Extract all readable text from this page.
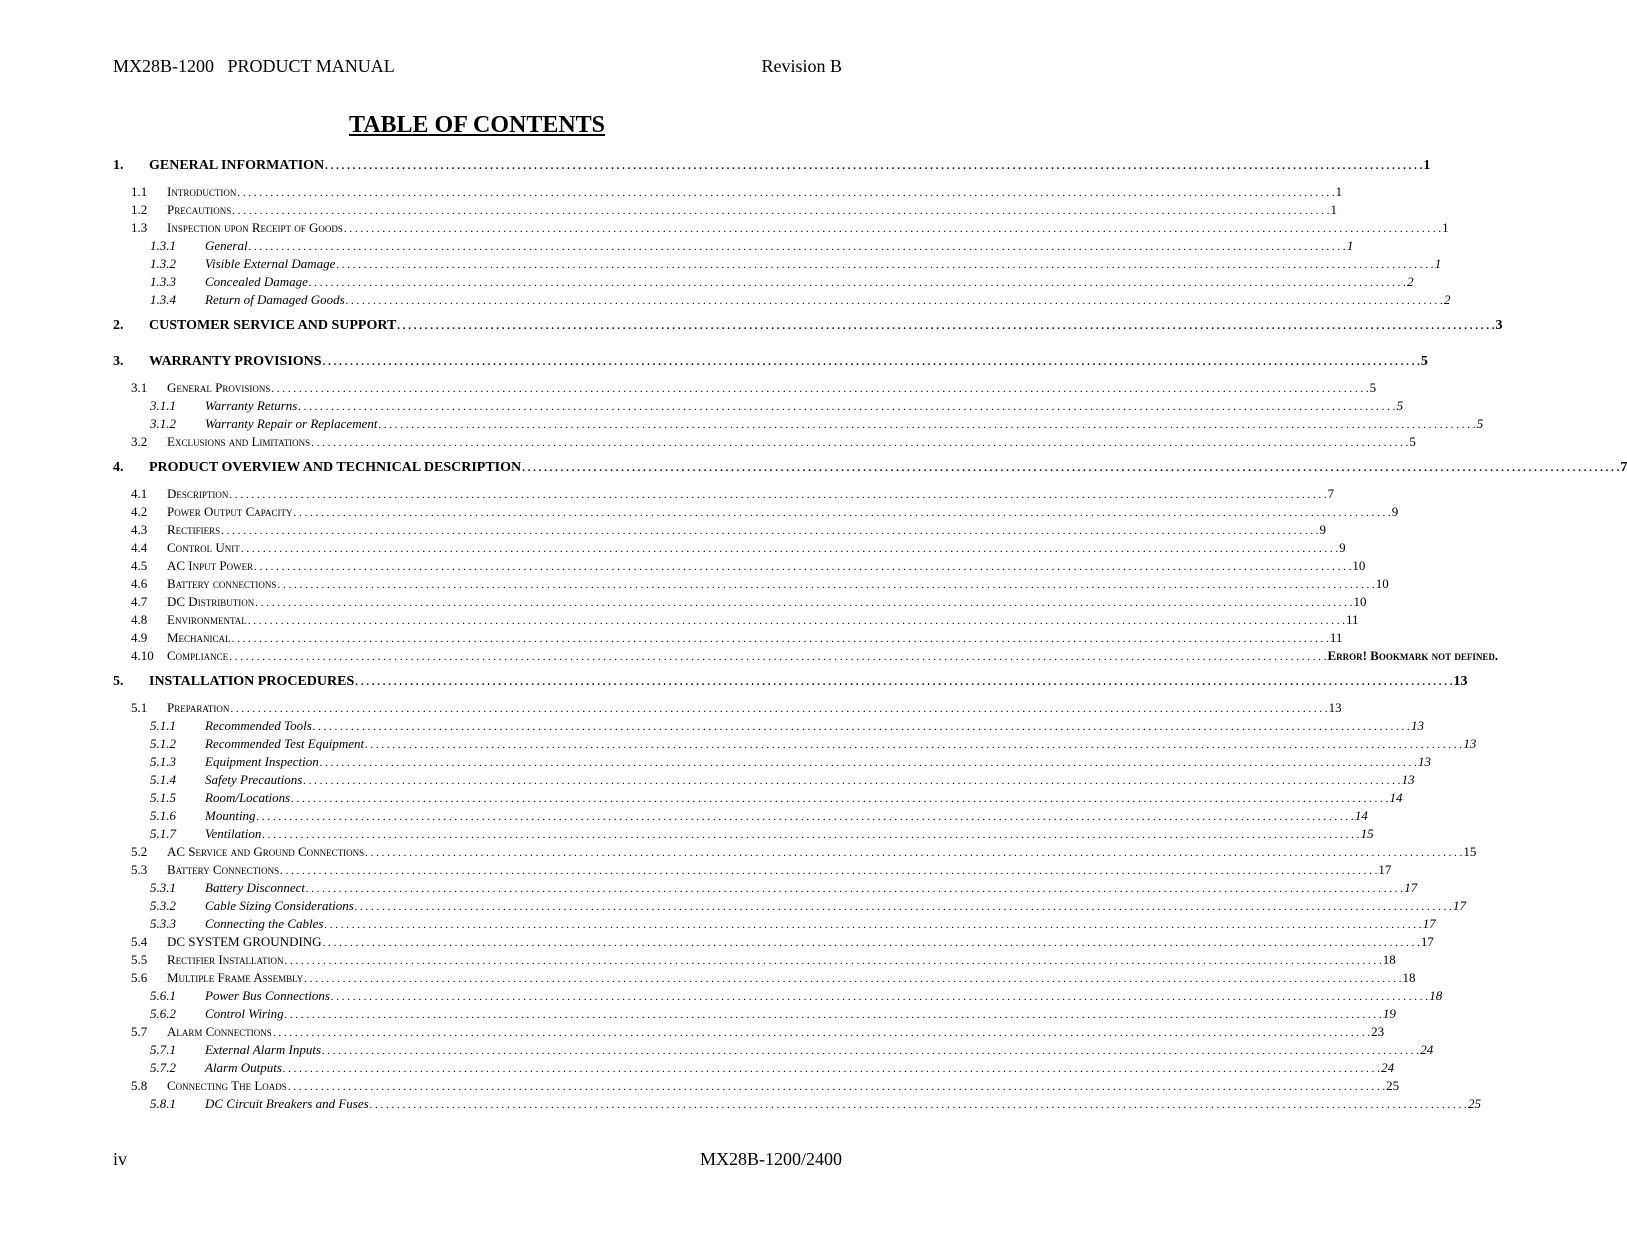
MX28B-1200   PRODUCT MANUAL	Revision B
TABLE OF CONTENTS
1.	GENERAL INFORMATION . . . . . . . . . . . . . . . . . . . . . . . . . . . . . . . . . . . . . . . . . . . . . . . . . . . . . . . . . . . . . . . . . . . . . . . . . . . . . . . . . . . . . . . . . . . . . . . . . . . . . . . . . . . . . . . . . . . . . . . . . . . . . . . . . . . . . . . . . . . . . . . . . . . . . . . . . . . . . . . . . . . . . . . . . . . . . . . . . . . . . . . . . . . . . . . . . . . . . . . . 1
1.1	Introduction . . . . . . . . . . . . . . . . . . . . . . . . . . . . . . . . . . . . . . . . . . . . . . . . . . . . . . . . . . . . . . . . . . . . . . . . . . . . . . . . . . . . . . . . . . . . . . . . . . . . . . . . . . . . . . . . . . . . . . . . . . . . . . . . . . . . . . . . . . . . . . . . . . . . . . . . . . . . . . . . . . . . . . . . . . . . . . . . . . . . . . . . . . . . . . . . . . . . . . . . 1
1.2	Precautions . . . . . . . . . . . . . . . . . . . . . . . . . . . . . . . . . . . . . . . . . . . . . . . . . . . . . . . . . . . . . . . . . . . . . . . . . . . . . . . . . . . . . . . . . . . . . . . . . . . . . . . . . . . . . . . . . . . . . . . . . . . . . . . . . . . . . . . . . . . . . . . . . . . . . . . . . . . . . . . . . . . . . . . . . . . . . . . . . . . . . . . . . . . . . . . . . . . . . . . . 1
1.3	Inspection upon Receipt of Goods . . . . . . . . . . . . . . . . . . . . . . . . . . . . . . . . . . . . . . . . . . . . . . . . . . . . . . . . . . . . . . . . . . . . . . . . . . . . . . . . . . . . . . . . . . . . . . . . . . . . . . . . . . . . . . . . . . . . . . . . . . . . . . . . . . . . . . . . . . . . . . . . . . . . . . . . . . . . . . . . . . . . . . . . . . . . . . . . . . . . . . . . . . . . . . . . . . . . . . . . 1
1.3.1	General . . . . . . . . . . . . . . . . . . . . . . . . . . . . . . . . . . . . . . . . . . . . . . . . . . . . . . . . . . . . . . . . . . . . . . . . . . . . . . . . . . . . . . . . . . . . . . . . . . . . . . . . . . . . . . . . . . . . . . . . . . . . . . . . . . . . . . . . . . . . . . . . . . . . . . . . . . . . . . . . . . . . . . . . . . . . . . . . . . . . . . . . . . . . . . . . . . . . . . . . 1
1.3.2	Visible External Damage . . . . . . . . . . . . . . . . . . . . . . . . . . . . . . . . . . . . . . . . . . . . . . . . . . . . . . . . . . . . . . . . . . . . . . . . . . . . . . . . . . . . . . . . . . . . . . . . . . . . . . . . . . . . . . . . . . . . . . . . . . . . . . . . . . . . . . . . . . . . . . . . . . . . . . . . . . . . . . . . . . . . . . . . . . . . . . . . . . . . . . . . . . . . . . . . . . . . . . . . 1
1.3.3	Concealed Damage . . . . . . . . . . . . . . . . . . . . . . . . . . . . . . . . . . . . . . . . . . . . . . . . . . . . . . . . . . . . . . . . . . . . . . . . . . . . . . . . . . . . . . . . . . . . . . . . . . . . . . . . . . . . . . . . . . . . . . . . . . . . . . . . . . . . . . . . . . . . . . . . . . . . . . . . . . . . . . . . . . . . . . . . . . . . . . . . . . . . . . . . . . . . . . . . . . . . . . . . 2
1.3.4	Return of Damaged Goods . . . . . . . . . . . . . . . . . . . . . . . . . . . . . . . . . . . . . . . . . . . . . . . . . . . . . . . . . . . . . . . . . . . . . . . . . . . . . . . . . . . . . . . . . . . . . . . . . . . . . . . . . . . . . . . . . . . . . . . . . . . . . . . . . . . . . . . . . . . . . . . . . . . . . . . . . . . . . . . . . . . . . . . . . . . . . . . . . . . . . . . . . . . . . . . . . . . . . . . . 2
2.	CUSTOMER SERVICE AND SUPPORT . . . . . . . . . . . . . . . . . . . . . . . . . . . . . . . . . . . . . . . . . . . . . . . . . . . . . . . . . . . . . . . . . . . . . . . . . . . . . . . . . . . . . . . . . . . . . . . . . . . . . . . . . . . . . . . . . . . . . . . . . . . . . . . . . . . . . . . . . . . . . . . . . . . . . . . . . . . . . . . . . . . . . . . . . . . . . . . . . . . . . . . . . . . . . . . . . . . . . . . . 3
3.	WARRANTY PROVISIONS . . . . . . . . . . . . . . . . . . . . . . . . . . . . . . . . . . . . . . . . . . . . . . . . . . . . . . . . . . . . . . . . . . . . . . . . . . . . . . . . . . . . . . . . . . . . . . . . . . . . . . . . . . . . . . . . . . . . . . . . . . . . . . . . . . . . . . . . . . . . . . . . . . . . . . . . . . . . . . . . . . . . . . . . . . . . . . . . . . . . . . . . . . . . . . . . . . . . . . . . 5
3.1	General Provisions . . . . . . . . . . . . . . . . . . . . . . . . . . . . . . . . . . . . . . . . . . . . . . . . . . . . . . . . . . . . . . . . . . . . . . . . . . . . . . . . . . . . . . . . . . . . . . . . . . . . . . . . . . . . . . . . . . . . . . . . . . . . . . . . . . . . . . . . . . . . . . . . . . . . . . . . . . . . . . . . . . . . . . . . . . . . . . . . . . . . . . . . . . . . . . . . . . . . . . . . 5
3.1.1	Warranty Returns . . . . . . . . . . . . . . . . . . . . . . . . . . . . . . . . . . . . . . . . . . . . . . . . . . . . . . . . . . . . . . . . . . . . . . . . . . . . . . . . . . . . . . . . . . . . . . . . . . . . . . . . . . . . . . . . . . . . . . . . . . . . . . . . . . . . . . . . . . . . . . . . . . . . . . . . . . . . . . . . . . . . . . . . . . . . . . . . . . . . . . . . . . . . . . . . . . . . . . . . 5
3.1.2	Warranty Repair or Replacement . . . . . . . . . . . . . . . . . . . . . . . . . . . . . . . . . . . . . . . . . . . . . . . . . . . . . . . . . . . . . . . . . . . . . . . . . . . . . . . . . . . . . . . . . . . . . . . . . . . . . . . . . . . . . . . . . . . . . . . . . . . . . . . . . . . . . . . . . . . . . . . . . . . . . . . . . . . . . . . . . . . . . . . . . . . . . . . . . . . . . . . . . . . . . . . . . . . . . . . . 5
3.2	Exclusions and Limitations . . . . . . . . . . . . . . . . . . . . . . . . . . . . . . . . . . . . . . . . . . . . . . . . . . . . . . . . . . . . . . . . . . . . . . . . . . . . . . . . . . . . . . . . . . . . . . . . . . . . . . . . . . . . . . . . . . . . . . . . . . . . . . . . . . . . . . . . . . . . . . . . . . . . . . . . . . . . . . . . . . . . . . . . . . . . . . . . . . . . . . . . . . . . . . . . . . . . . . . . 5
4.	PRODUCT OVERVIEW AND TECHNICAL DESCRIPTION . . . . . . . . . . . . . . . . . . . . . . . . . . . . . . . . . . . . . . . . . . . . . . . . . . . . . . . . . . . . . . . . . . . . . . . . . . . . . . . . . . . . . . . . . . . . . . . . . . . . . . . . . . . . . . . . . . . . . . . . . . . . . . . . . . . . . . . . . . . . . . . . . . . . . . . . . . . . . . . . . . . . . . . . . . . . . . . . . . . . . . . . . . . . . . . . . . . . . . . . 7
4.1	Description . . . . . . . . . . . . . . . . . . . . . . . . . . . . . . . . . . . . . . . . . . . . . . . . . . . . . . . . . . . . . . . . . . . . . . . . . . . . . . . . . . . . . . . . . . . . . . . . . . . . . . . . . . . . . . . . . . . . . . . . . . . . . . . . . . . . . . . . . . . . . . . . . . . . . . . . . . . . . . . . . . . . . . . . . . . . . . . . . . . . . . . . . . . . . . . . . . . . . . . . 7
4.2	Power Output Capacity . . . . . . . . . . . . . . . . . . . . . . . . . . . . . . . . . . . . . . . . . . . . . . . . . . . . . . . . . . . . . . . . . . . . . . . . . . . . . . . . . . . . . . . . . . . . . . . . . . . . . . . . . . . . . . . . . . . . . . . . . . . . . . . . . . . . . . . . . . . . . . . . . . . . . . . . . . . . . . . . . . . . . . . . . . . . . . . . . . . . . . . . . . . . . . . . . . . . . . . . 9
4.3	Rectifiers . . . . . . . . . . . . . . . . . . . . . . . . . . . . . . . . . . . . . . . . . . . . . . . . . . . . . . . . . . . . . . . . . . . . . . . . . . . . . . . . . . . . . . . . . . . . . . . . . . . . . . . . . . . . . . . . . . . . . . . . . . . . . . . . . . . . . . . . . . . . . . . . . . . . . . . . . . . . . . . . . . . . . . . . . . . . . . . . . . . . . . . . . . . . . . . . . . . . . . . . 9
4.4	Control Unit . . . . . . . . . . . . . . . . . . . . . . . . . . . . . . . . . . . . . . . . . . . . . . . . . . . . . . . . . . . . . . . . . . . . . . . . . . . . . . . . . . . . . . . . . . . . . . . . . . . . . . . . . . . . . . . . . . . . . . . . . . . . . . . . . . . . . . . . . . . . . . . . . . . . . . . . . . . . . . . . . . . . . . . . . . . . . . . . . . . . . . . . . . . . . . . . . . . . . . . . 9
4.5	AC Input Power . . . . . . . . . . . . . . . . . . . . . . . . . . . . . . . . . . . . . . . . . . . . . . . . . . . . . . . . . . . . . . . . . . . . . . . . . . . . . . . . . . . . . . . . . . . . . . . . . . . . . . . . . . . . . . . . . . . . . . . . . . . . . . . . . . . . . . . . . . . . . . . . . . . . . . . . . . . . . . . . . . . . . . . . . . . . . . . . . . . . . . . . . . . . . . . . . . . . . . . . 10
4.6	Battery connections . . . . . . . . . . . . . . . . . . . . . . . . . . . . . . . . . . . . . . . . . . . . . . . . . . . . . . . . . . . . . . . . . . . . . . . . . . . . . . . . . . . . . . . . . . . . . . . . . . . . . . . . . . . . . . . . . . . . . . . . . . . . . . . . . . . . . . . . . . . . . . . . . . . . . . . . . . . . . . . . . . . . . . . . . . . . . . . . . . . . . . . . . . . . . . . . . . . . . . . . 10
4.7	DC Distribution . . . . . . . . . . . . . . . . . . . . . . . . . . . . . . . . . . . . . . . . . . . . . . . . . . . . . . . . . . . . . . . . . . . . . . . . . . . . . . . . . . . . . . . . . . . . . . . . . . . . . . . . . . . . . . . . . . . . . . . . . . . . . . . . . . . . . . . . . . . . . . . . . . . . . . . . . . . . . . . . . . . . . . . . . . . . . . . . . . . . . . . . . . . . . . . . . . . . . . . . 10
4.8	Environmental . . . . . . . . . . . . . . . . . . . . . . . . . . . . . . . . . . . . . . . . . . . . . . . . . . . . . . . . . . . . . . . . . . . . . . . . . . . . . . . . . . . . . . . . . . . . . . . . . . . . . . . . . . . . . . . . . . . . . . . . . . . . . . . . . . . . . . . . . . . . . . . . . . . . . . . . . . . . . . . . . . . . . . . . . . . . . . . . . . . . . . . . . . . . . . . . . . . . . . . . 11
4.9	Mechanical . . . . . . . . . . . . . . . . . . . . . . . . . . . . . . . . . . . . . . . . . . . . . . . . . . . . . . . . . . . . . . . . . . . . . . . . . . . . . . . . . . . . . . . . . . . . . . . . . . . . . . . . . . . . . . . . . . . . . . . . . . . . . . . . . . . . . . . . . . . . . . . . . . . . . . . . . . . . . . . . . . . . . . . . . . . . . . . . . . . . . . . . . . . . . . . . . . . . . . . . 11
4.10	Compliance . . . . . . . . . . . . . . . . . . . . . . . . . . . . . . . . . . . . . . . . . . . . . . . . . . . . . . . . . . . . . . . . . . . . . . . . . . . . . . . . . . . . . . . . . . . . . . . . . . . . . . . . . . . . . . . . . . . . . . . . . . . . . . . . . . . . . . . . . . . . . . . . . . . . . . . . . . . . . . . . . . . . . . . . . . . . . . . . . . . . . . . . . . . . . . . . . . . . . . . . Error! Bookmark not defined.
5.	INSTALLATION PROCEDURES . . . . . . . . . . . . . . . . . . . . . . . . . . . . . . . . . . . . . . . . . . . . . . . . . . . . . . . . . . . . . . . . . . . . . . . . . . . . . . . . . . . . . . . . . . . . . . . . . . . . . . . . . . . . . . . . . . . . . . . . . . . . . . . . . . . . . . . . . . . . . . . . . . . . . . . . . . . . . . . . . . . . . . . . . . . . . . . . . . . . . . . . . . . . . . . . . . . . . . . . 13
5.1	Preparation . . . . . . . . . . . . . . . . . . . . . . . . . . . . . . . . . . . . . . . . . . . . . . . . . . . . . . . . . . . . . . . . . . . . . . . . . . . . . . . . . . . . . . . . . . . . . . . . . . . . . . . . . . . . . . . . . . . . . . . . . . . . . . . . . . . . . . . . . . . . . . . . . . . . . . . . . . . . . . . . . . . . . . . . . . . . . . . . . . . . . . . . . . . . . . . . . . . . . . . . 13
5.1.1	Recommended Tools . . . . . . . . . . . . . . . . . . . . . . . . . . . . . . . . . . . . . . . . . . . . . . . . . . . . . . . . . . . . . . . . . . . . . . . . . . . . . . . . . . . . . . . . . . . . . . . . . . . . . . . . . . . . . . . . . . . . . . . . . . . . . . . . . . . . . . . . . . . . . . . . . . . . . . . . . . . . . . . . . . . . . . . . . . . . . . . . . . . . . . . . . . . . . . . . . . . . . . . . 13
5.1.2	Recommended Test Equipment . . . . . . . . . . . . . . . . . . . . . . . . . . . . . . . . . . . . . . . . . . . . . . . . . . . . . . . . . . . . . . . . . . . . . . . . . . . . . . . . . . . . . . . . . . . . . . . . . . . . . . . . . . . . . . . . . . . . . . . . . . . . . . . . . . . . . . . . . . . . . . . . . . . . . . . . . . . . . . . . . . . . . . . . . . . . . . . . . . . . . . . . . . . . . . . . . . . . . . . . 13
5.1.3	Equipment Inspection . . . . . . . . . . . . . . . . . . . . . . . . . . . . . . . . . . . . . . . . . . . . . . . . . . . . . . . . . . . . . . . . . . . . . . . . . . . . . . . . . . . . . . . . . . . . . . . . . . . . . . . . . . . . . . . . . . . . . . . . . . . . . . . . . . . . . . . . . . . . . . . . . . . . . . . . . . . . . . . . . . . . . . . . . . . . . . . . . . . . . . . . . . . . . . . . . . . . . . . . 13
5.1.4	Safety Precautions . . . . . . . . . . . . . . . . . . . . . . . . . . . . . . . . . . . . . . . . . . . . . . . . . . . . . . . . . . . . . . . . . . . . . . . . . . . . . . . . . . . . . . . . . . . . . . . . . . . . . . . . . . . . . . . . . . . . . . . . . . . . . . . . . . . . . . . . . . . . . . . . . . . . . . . . . . . . . . . . . . . . . . . . . . . . . . . . . . . . . . . . . . . . . . . . . . . . . . . . 13
5.1.5	Room/Locations . . . . . . . . . . . . . . . . . . . . . . . . . . . . . . . . . . . . . . . . . . . . . . . . . . . . . . . . . . . . . . . . . . . . . . . . . . . . . . . . . . . . . . . . . . . . . . . . . . . . . . . . . . . . . . . . . . . . . . . . . . . . . . . . . . . . . . . . . . . . . . . . . . . . . . . . . . . . . . . . . . . . . . . . . . . . . . . . . . . . . . . . . . . . . . . . . . . . . . . . 14
5.1.6	Mounting . . . . . . . . . . . . . . . . . . . . . . . . . . . . . . . . . . . . . . . . . . . . . . . . . . . . . . . . . . . . . . . . . . . . . . . . . . . . . . . . . . . . . . . . . . . . . . . . . . . . . . . . . . . . . . . . . . . . . . . . . . . . . . . . . . . . . . . . . . . . . . . . . . . . . . . . . . . . . . . . . . . . . . . . . . . . . . . . . . . . . . . . . . . . . . . . . . . . . . . . 14
5.1.7	Ventilation . . . . . . . . . . . . . . . . . . . . . . . . . . . . . . . . . . . . . . . . . . . . . . . . . . . . . . . . . . . . . . . . . . . . . . . . . . . . . . . . . . . . . . . . . . . . . . . . . . . . . . . . . . . . . . . . . . . . . . . . . . . . . . . . . . . . . . . . . . . . . . . . . . . . . . . . . . . . . . . . . . . . . . . . . . . . . . . . . . . . . . . . . . . . . . . . . . . . . . . . 15
5.2	AC Service and Ground Connections . . . . . . . . . . . . . . . . . . . . . . . . . . . . . . . . . . . . . . . . . . . . . . . . . . . . . . . . . . . . . . . . . . . . . . . . . . . . . . . . . . . . . . . . . . . . . . . . . . . . . . . . . . . . . . . . . . . . . . . . . . . . . . . . . . . . . . . . . . . . . . . . . . . . . . . . . . . . . . . . . . . . . . . . . . . . . . . . . . . . . . . . . . . . . . . . . . . . . . . . 15
5.3	Battery Connections . . . . . . . . . . . . . . . . . . . . . . . . . . . . . . . . . . . . . . . . . . . . . . . . . . . . . . . . . . . . . . . . . . . . . . . . . . . . . . . . . . . . . . . . . . . . . . . . . . . . . . . . . . . . . . . . . . . . . . . . . . . . . . . . . . . . . . . . . . . . . . . . . . . . . . . . . . . . . . . . . . . . . . . . . . . . . . . . . . . . . . . . . . . . . . . . . . . . . . . . 17
5.3.1	Battery Disconnect . . . . . . . . . . . . . . . . . . . . . . . . . . . . . . . . . . . . . . . . . . . . . . . . . . . . . . . . . . . . . . . . . . . . . . . . . . . . . . . . . . . . . . . . . . . . . . . . . . . . . . . . . . . . . . . . . . . . . . . . . . . . . . . . . . . . . . . . . . . . . . . . . . . . . . . . . . . . . . . . . . . . . . . . . . . . . . . . . . . . . . . . . . . . . . . . . . . . . . . . 17
5.3.2	Cable Sizing Considerations . . . . . . . . . . . . . . . . . . . . . . . . . . . . . . . . . . . . . . . . . . . . . . . . . . . . . . . . . . . . . . . . . . . . . . . . . . . . . . . . . . . . . . . . . . . . . . . . . . . . . . . . . . . . . . . . . . . . . . . . . . . . . . . . . . . . . . . . . . . . . . . . . . . . . . . . . . . . . . . . . . . . . . . . . . . . . . . . . . . . . . . . . . . . . . . . . . . . . . . . 17
5.3.3	Connecting the Cables . . . . . . . . . . . . . . . . . . . . . . . . . . . . . . . . . . . . . . . . . . . . . . . . . . . . . . . . . . . . . . . . . . . . . . . . . . . . . . . . . . . . . . . . . . . . . . . . . . . . . . . . . . . . . . . . . . . . . . . . . . . . . . . . . . . . . . . . . . . . . . . . . . . . . . . . . . . . . . . . . . . . . . . . . . . . . . . . . . . . . . . . . . . . . . . . . . . . . . . . 17
5.4	DC SYSTEM GROUNDING . . . . . . . . . . . . . . . . . . . . . . . . . . . . . . . . . . . . . . . . . . . . . . . . . . . . . . . . . . . . . . . . . . . . . . . . . . . . . . . . . . . . . . . . . . . . . . . . . . . . . . . . . . . . . . . . . . . . . . . . . . . . . . . . . . . . . . . . . . . . . . . . . . . . . . . . . . . . . . . . . . . . . . . . . . . . . . . . . . . . . . . . . . . . . . . . . . . . . . . . 17
5.5	Rectifier Installation . . . . . . . . . . . . . . . . . . . . . . . . . . . . . . . . . . . . . . . . . . . . . . . . . . . . . . . . . . . . . . . . . . . . . . . . . . . . . . . . . . . . . . . . . . . . . . . . . . . . . . . . . . . . . . . . . . . . . . . . . . . . . . . . . . . . . . . . . . . . . . . . . . . . . . . . . . . . . . . . . . . . . . . . . . . . . . . . . . . . . . . . . . . . . . . . . . . . . . . . 18
5.6	Multiple Frame Assembly . . . . . . . . . . . . . . . . . . . . . . . . . . . . . . . . . . . . . . . . . . . . . . . . . . . . . . . . . . . . . . . . . . . . . . . . . . . . . . . . . . . . . . . . . . . . . . . . . . . . . . . . . . . . . . . . . . . . . . . . . . . . . . . . . . . . . . . . . . . . . . . . . . . . . . . . . . . . . . . . . . . . . . . . . . . . . . . . . . . . . . . . . . . . . . . . . . . . . . . . 18
5.6.1	Power Bus Connections . . . . . . . . . . . . . . . . . . . . . . . . . . . . . . . . . . . . . . . . . . . . . . . . . . . . . . . . . . . . . . . . . . . . . . . . . . . . . . . . . . . . . . . . . . . . . . . . . . . . . . . . . . . . . . . . . . . . . . . . . . . . . . . . . . . . . . . . . . . . . . . . . . . . . . . . . . . . . . . . . . . . . . . . . . . . . . . . . . . . . . . . . . . . . . . . . . . . . . . . 18
5.6.2	Control Wiring . . . . . . . . . . . . . . . . . . . . . . . . . . . . . . . . . . . . . . . . . . . . . . . . . . . . . . . . . . . . . . . . . . . . . . . . . . . . . . . . . . . . . . . . . . . . . . . . . . . . . . . . . . . . . . . . . . . . . . . . . . . . . . . . . . . . . . . . . . . . . . . . . . . . . . . . . . . . . . . . . . . . . . . . . . . . . . . . . . . . . . . . . . . . . . . . . . . . . . . . 19
5.7	Alarm Connections . . . . . . . . . . . . . . . . . . . . . . . . . . . . . . . . . . . . . . . . . . . . . . . . . . . . . . . . . . . . . . . . . . . . . . . . . . . . . . . . . . . . . . . . . . . . . . . . . . . . . . . . . . . . . . . . . . . . . . . . . . . . . . . . . . . . . . . . . . . . . . . . . . . . . . . . . . . . . . . . . . . . . . . . . . . . . . . . . . . . . . . . . . . . . . . . . . . . . . . . 23
5.7.1	External Alarm Inputs . . . . . . . . . . . . . . . . . . . . . . . . . . . . . . . . . . . . . . . . . . . . . . . . . . . . . . . . . . . . . . . . . . . . . . . . . . . . . . . . . . . . . . . . . . . . . . . . . . . . . . . . . . . . . . . . . . . . . . . . . . . . . . . . . . . . . . . . . . . . . . . . . . . . . . . . . . . . . . . . . . . . . . . . . . . . . . . . . . . . . . . . . . . . . . . . . . . . . . . . 24
5.7.2	Alarm Outputs . . . . . . . . . . . . . . . . . . . . . . . . . . . . . . . . . . . . . . . . . . . . . . . . . . . . . . . . . . . . . . . . . . . . . . . . . . . . . . . . . . . . . . . . . . . . . . . . . . . . . . . . . . . . . . . . . . . . . . . . . . . . . . . . . . . . . . . . . . . . . . . . . . . . . . . . . . . . . . . . . . . . . . . . . . . . . . . . . . . . . . . . . . . . . . . . . . . . . . . . 24
5.8	Connecting The Loads . . . . . . . . . . . . . . . . . . . . . . . . . . . . . . . . . . . . . . . . . . . . . . . . . . . . . . . . . . . . . . . . . . . . . . . . . . . . . . . . . . . . . . . . . . . . . . . . . . . . . . . . . . . . . . . . . . . . . . . . . . . . . . . . . . . . . . . . . . . . . . . . . . . . . . . . . . . . . . . . . . . . . . . . . . . . . . . . . . . . . . . . . . . . . . . . . . . . . . . . 25
5.8.1	DC Circuit Breakers and Fuses . . . . . . . . . . . . . . . . . . . . . . . . . . . . . . . . . . . . . . . . . . . . . . . . . . . . . . . . . . . . . . . . . . . . . . . . . . . . . . . . . . . . . . . . . . . . . . . . . . . . . . . . . . . . . . . . . . . . . . . . . . . . . . . . . . . . . . . . . . . . . . . . . . . . . . . . . . . . . . . . . . . . . . . . . . . . . . . . . . . . . . . . . . . . . . . . . . . . . . . . 25
iv	MX28B-1200/2400
